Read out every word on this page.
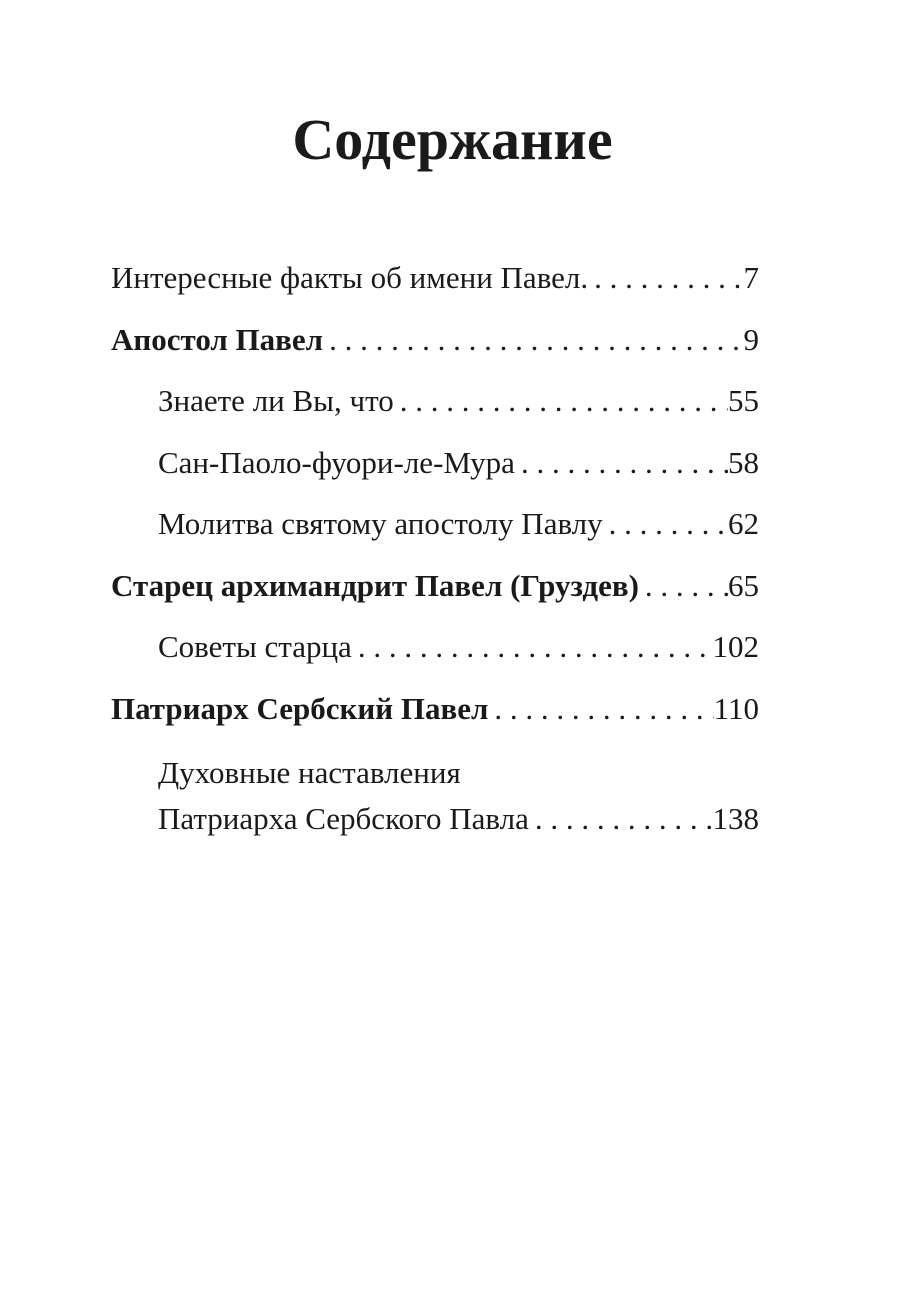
Содержание
Интересные факты об имени Павел. . . .	7
Апостол Павел . . .	9
Знаете ли Вы, что . . .	55
Сан-Паоло-фуори-ле-Мура . . .	58
Молитва святому апостолу Павлу . . .	62
Старец архимандрит Павел (Груздев) . . .	65
Советы старца . . .	102
Патриарх Сербский Павел . . .	110
Духовные наставления
Патриарха Сербского Павла . . .	138
